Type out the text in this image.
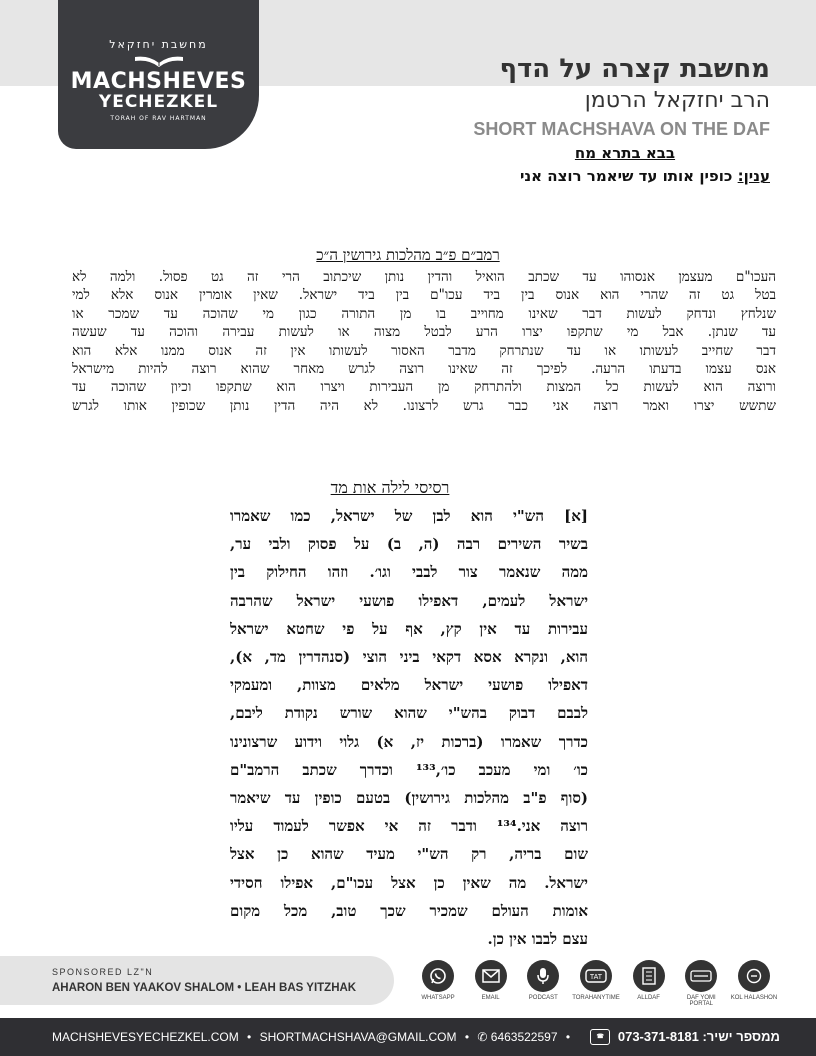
מחשבת יחזקאל
MACHSHEVES
YECHEZKEL
TORAH OF RAV HARTMAN
מחשבת קצרה על הדף
הרב יחזקאל הרטמן
SHORT MACHSHAVA ON THE DAF
בבא בתרא מח
ענין: כופין אותו עד שיאמר רוצה אני
רמב״ם פ״ב מהלכות גירושין ה״כ
העכו"ם מעצמן אנסוהו עד שכתב הואיל והדין נותן שיכתוב הרי זה גט פסול. ולמה לא
בטל גט זה שהרי הוא אנוס בין ביד עכו"ם בין ביד ישראל. שאין אומרין אנוס אלא למי
שנלחץ ונדחק לעשות דבר שאינו מחוייב בו מן התורה כגון מי שהוכה עד שמכר או
עד שנתן. אבל מי שתקפו יצרו הרע לבטל מצוה או לעשות עבירה והוכה עד שעשה
דבר שחייב לעשותו או עד שנתרחק מדבר האסור לעשותו אין זה אנוס ממנו אלא הוא
אנס עצמו בדעתו הרעה. לפיכך זה שאינו רוצה לגרש מאחר שהוא רוצה להיות מישראל
ורוצה הוא לעשות כל המצות ולהתרחק מן העבירות ויצרו הוא שתקפו וכיון שהוכה עד
שתשש יצרו ואמר רוצה אני כבר גרש לרצונו. לא היה הדין נותן שכופין אותו לגרש
רסיסי לילה אות מד
[א] הש"י הוא לבן של ישראל, כמו שאמרו
בשיר השירים רבה (ה, ב) על פסוק ולבי ער,
ממה שנאמר צור לבבי וגו׳. וזהו החילוק בין
ישראל לעמים, דאפילו פושעי ישראל שהרבה
עבירות עד אין קץ, אף על פי שחטא ישראל
הוא, ונקרא אסא דקאי ביני הוצי (סנהדרין מד, א),
דאפילו פושעי ישראל מלאים מצוות, ומעמקי
לבבם דבוק בהש"י שהוא שורש נקודת ליבם,
כדרך שאמרו (ברכות יז, א) גלוי וידוע שרצונינו
כו׳ ומי מעכב כו׳,¹³³ וכדרך שכתב הרמב"ם
(סוף פ"ב מהלכות גירושין) בטעם כופין עד שיאמר
רוצה אני.¹³⁴ ודבר זה אי אפשר לעמוד עליו
שום בריה, רק הש"י מעיד שהוא כן אצל
ישראל. מה שאין כן אצל עכו"ם, אפילו חסידי
אומות העולם שמכיר שכך טוב, מכל מקום
עצם לבבו אין כן.
SPONSORED LZ"N
AHARON BEN YAAKOV SHALOM • LEAH BAS YITZHAK
WHATSAPP	EMAIL	PODCAST
TAT
TORAHANYTIME	ALLDAF	DAF YOMI PORTAL
KOL HALASHON
MACHSHEVESYECHEZKEL.COM • SHORTMACHSHAVA@GMAIL.COM • ✆ 6463522597 •	ממספר ישיר: 073-371-8181 ☎
